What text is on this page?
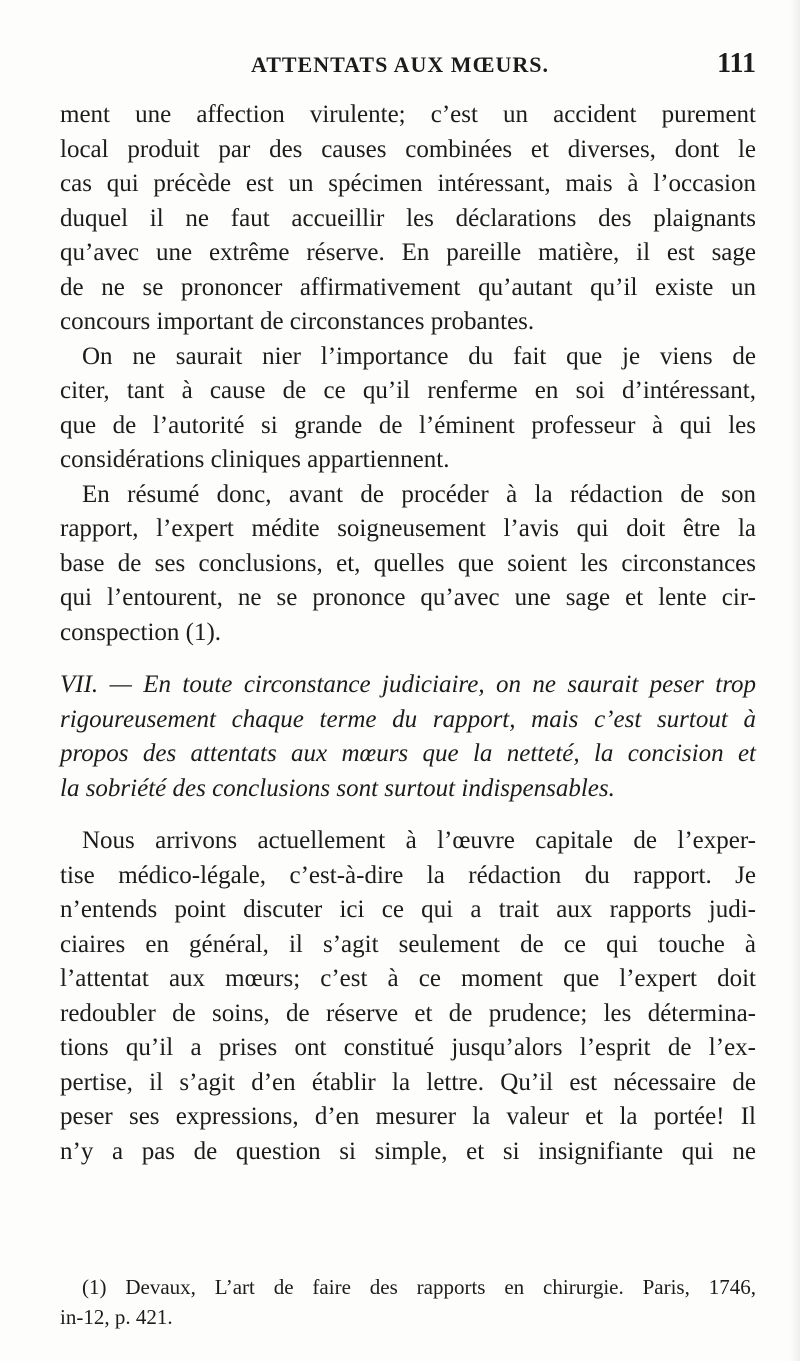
ATTENTATS AUX MŒURS.	111
ment une affection virulente; c’est un accident purement
local produit par des causes combinées et diverses, dont le
cas qui précède est un spécimen intéressant, mais à l’occasion
duquel il ne faut accueillir les déclarations des plaignants
qu’avec une extrême réserve. En pareille matière, il est sage
de ne se prononcer affirmativement qu’autant qu’il existe un
concours important de circonstances probantes.
On ne saurait nier l’importance du fait que je viens de
citer, tant à cause de ce qu’il renferme en soi d’intéressant,
que de l’autorité si grande de l’éminent professeur à qui les
considérations cliniques appartiennent.
En résumé donc, avant de procéder à la rédaction de son
rapport, l’expert médite soigneusement l’avis qui doit être la
base de ses conclusions, et, quelles que soient les circonstances
qui l’entourent, ne se prononce qu’avec une sage et lente cir-
conspection (1).
VII. — En toute circonstance judiciaire, on ne saurait peser trop
rigoureusement chaque terme du rapport, mais c’est surtout à
propos des attentats aux mœurs que la netteté, la concision et
la sobriété des conclusions sont surtout indispensables.
Nous arrivons actuellement à l’œuvre capitale de l’exper-
tise médico-légale, c’est-à-dire la rédaction du rapport. Je
n’entends point discuter ici ce qui a trait aux rapports judi-
ciaires en général, il s’agit seulement de ce qui touche à
l’attentat aux mœurs; c’est à ce moment que l’expert doit
redoubler de soins, de réserve et de prudence; les détermina-
tions qu’il a prises ont constitué jusqu’alors l’esprit de l’ex-
pertise, il s’agit d’en établir la lettre. Qu’il est nécessaire de
peser ses expressions, d’en mesurer la valeur et la portée! Il
n’y a pas de question si simple, et si insignifiante qui ne
(1) Devaux, L’art de faire des rapports en chirurgie. Paris, 1746,
in-12, p. 421.
